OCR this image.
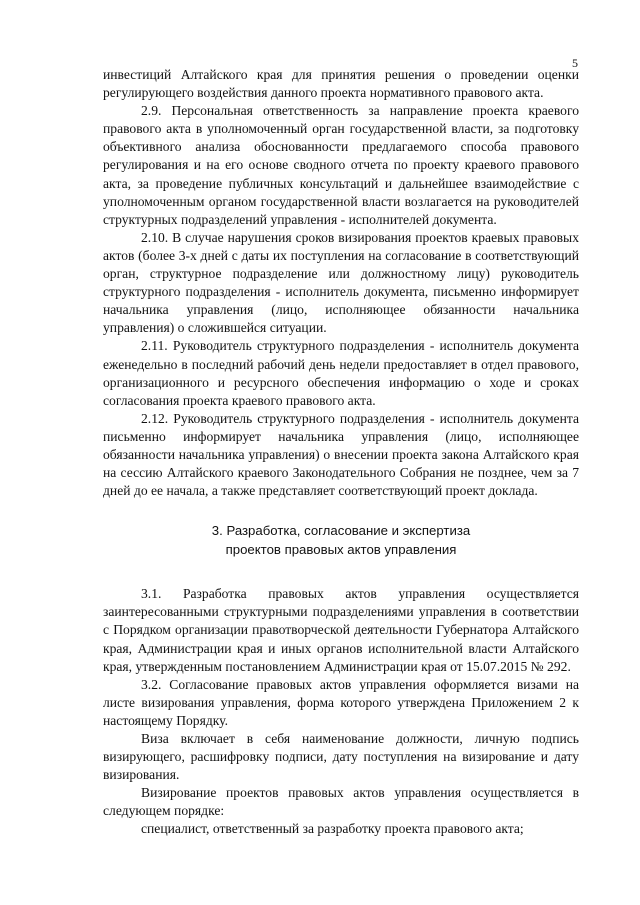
5

инвестиций Алтайского края для принятия решения о проведении оценки регулирующего воздействия данного проекта нормативного правового акта.

2.9. Персональная ответственность за направление проекта краевого правового акта в уполномоченный орган государственной власти, за подготовку объективного анализа обоснованности предлагаемого способа правового регулирования и на его основе сводного отчета по проекту краевого правового акта, за проведение публичных консультаций и дальнейшее взаимодействие с уполномоченным органом государственной власти возлагается на руководителей структурных подразделений управления - исполнителей документа.

2.10. В случае нарушения сроков визирования проектов краевых правовых актов (более 3-х дней с даты их поступления на согласование в соответствующий орган, структурное подразделение или должностному лицу) руководитель структурного подразделения - исполнитель документа, письменно информирует начальника управления (лицо, исполняющее обязанности начальника управления) о сложившейся ситуации.

2.11. Руководитель структурного подразделения - исполнитель документа еженедельно в последний рабочий день недели предоставляет в отдел правового, организационного и ресурсного обеспечения информацию о ходе и сроках согласования проекта краевого правового акта.

2.12. Руководитель структурного подразделения - исполнитель документа письменно информирует начальника управления (лицо, исполняющее обязанности начальника управления) о внесении проекта закона Алтайского края на сессию Алтайского краевого Законодательного Собрания не позднее, чем за 7 дней до ее начала, а также представляет соответствующий проект доклада.

3. Разработка, согласование и экспертиза
проектов правовых актов управления

3.1. Разработка правовых актов управления осуществляется заинтересованными структурными подразделениями управления в соответствии с Порядком организации правотворческой деятельности Губернатора Алтайского края, Администрации края и иных органов исполнительной власти Алтайского края, утвержденным постановлением Администрации края от 15.07.2015 № 292.

3.2. Согласование правовых актов управления оформляется визами на листе визирования управления, форма которого утверждена Приложением 2 к настоящему Порядку.

Виза включает в себя наименование должности, личную подпись визирующего, расшифровку подписи, дату поступления на визирование и дату визирования.

Визирование проектов правовых актов управления осуществляется в следующем порядке:

специалист, ответственный за разработку проекта правового акта;
